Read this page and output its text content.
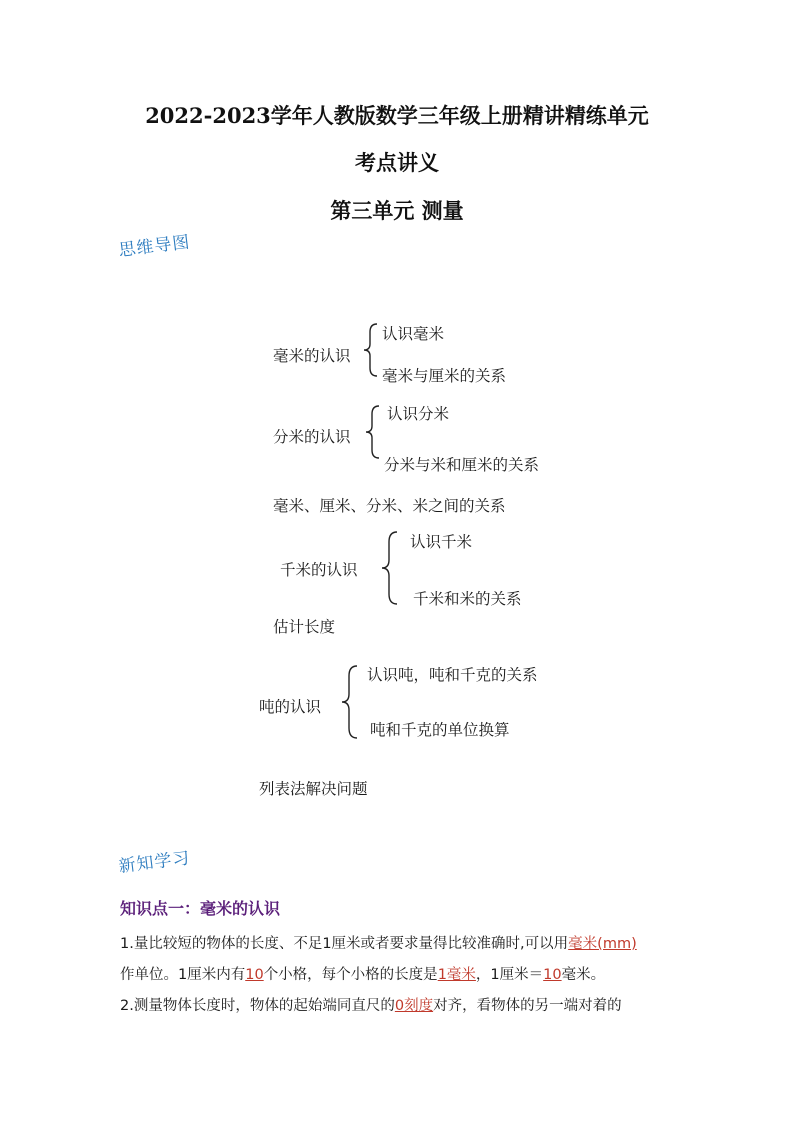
2022-2023学年人教版数学三年级上册精讲精练单元
考点讲义
第三单元 测量
思维导图
毫米的认识
认识毫米
毫米与厘米的关系
分米的认识
认识分米
分米与米和厘米的关系
毫米、厘米、分米、米之间的关系
千米的认识
认识千米
千米和米的关系
估计长度
吨的认识
认识吨，吨和千克的关系
吨和千克的单位换算
列表法解决问题
新知学习
知识点一：毫米的认识
1.量比较短的物体的长度、不足1厘米或者要求量得比较准确时,可以用毫米(mm)
作单位。1厘米内有10个小格，每个小格的长度是1毫米，1厘米＝10毫米。
2.测量物体长度时，物体的起始端同直尺的0刻度对齐，看物体的另一端对着的
